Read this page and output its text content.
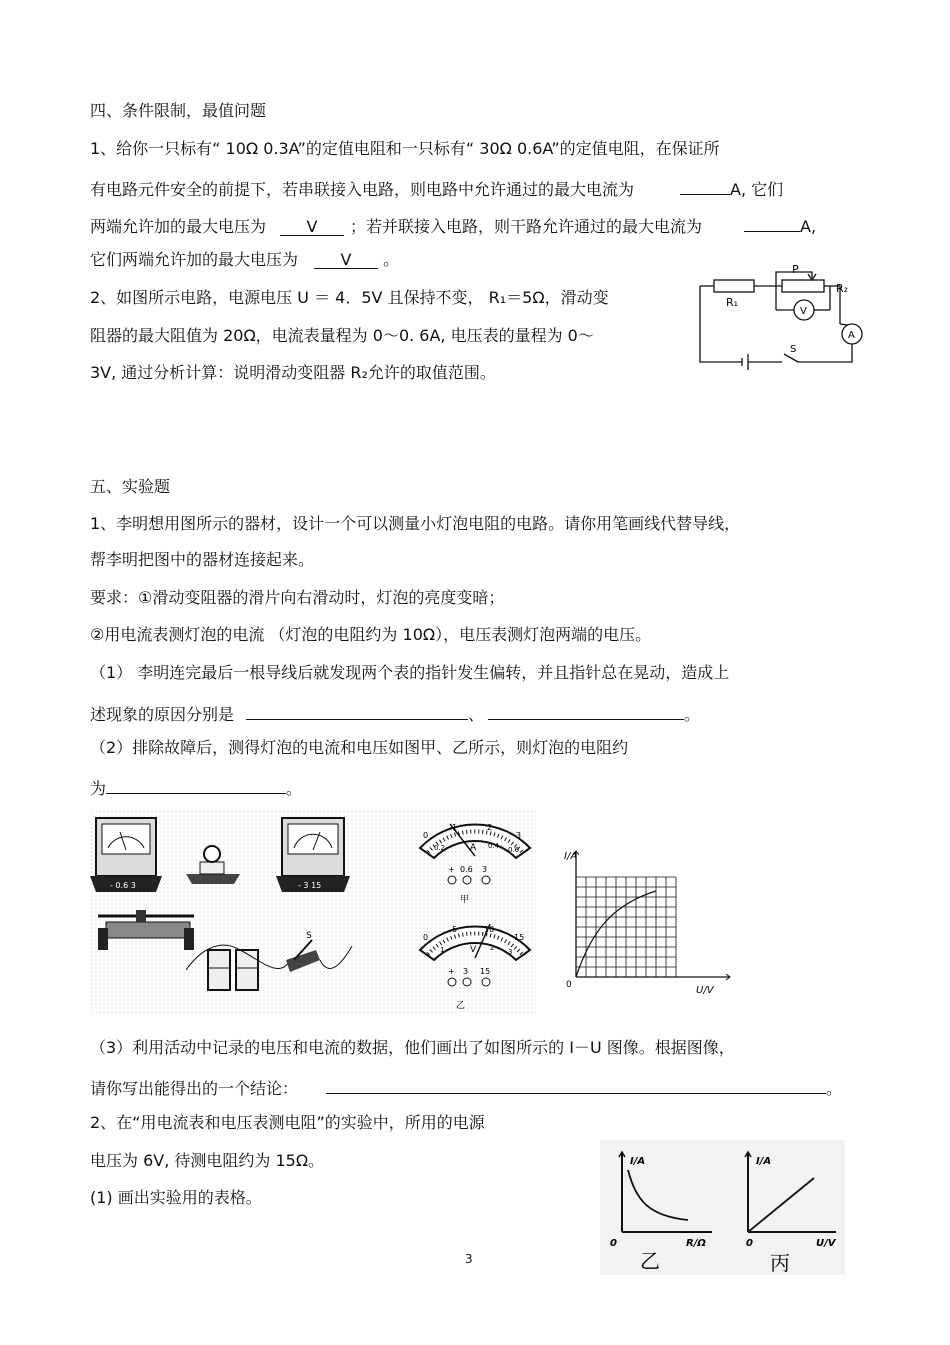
四、条件限制，最值问题
1、给你一只标有“ 10Ω 0.3A”的定值电阻和一只标有“ 30Ω 0.6A”的定值电阻，在保证所
有电路元件安全的前提下，若串联接入电路，则电路中允许通过的最大电流为	A, 它们
两端允许加的最大电压为	V ；若并联接入电路，则干路允许通过的最大电流为	A,
它们两端允许加的最大电压为	V 。
2、如图所示电路，电源电压 U ＝ 4．5V 且保持不变， R₁＝5Ω，滑动变
阻器的最大阻值为 20Ω，电流表量程为 0～0. 6A, 电压表的量程为 0～
3V, 通过分析计算：说明滑动变阻器 R₂允许的取值范围。
R₁
R₂
P
V
A
S
五、实验题
1、李明想用图所示的器材，设计一个可以测量小灯泡电阻的电路。请你用笔画线代替导线，
帮李明把图中的器材连接起来。
要求：①滑动变阻器的滑片向右滑动时，灯泡的亮度变暗；
②用电流表测灯泡的电流 （灯泡的电阻约为 10Ω），电压表测灯泡两端的电压。
（1） 李明连完最后一根导线后就发现两个表的指针发生偏转，并且指针总在晃动，造成上
述现象的原因分别是	、	。
（2）排除故障后，测得灯泡的电流和电压如图甲、乙所示，则灯泡的电阻约
为	。
- 0.6 3	- 3 15
S
0
1	2
3
0.2	A 0.4 0.6
+ 0.6 3
甲
0
5	10
15
1	V 2 3
+ 3 15
乙
I/A
U/V
0
（3）利用活动中记录的电压和电流的数据，他们画出了如图所示的 I－U 图像。根据图像，
请你写出能得出的一个结论：	。
2、在“用电流表和电压表测电阻”的实验中，所用的电源
电压为 6V, 待测电阻约为 15Ω。
(1) 画出实验用的表格。
I/A
R/Ω
0
乙
I/A
U/V
0
丙
3
